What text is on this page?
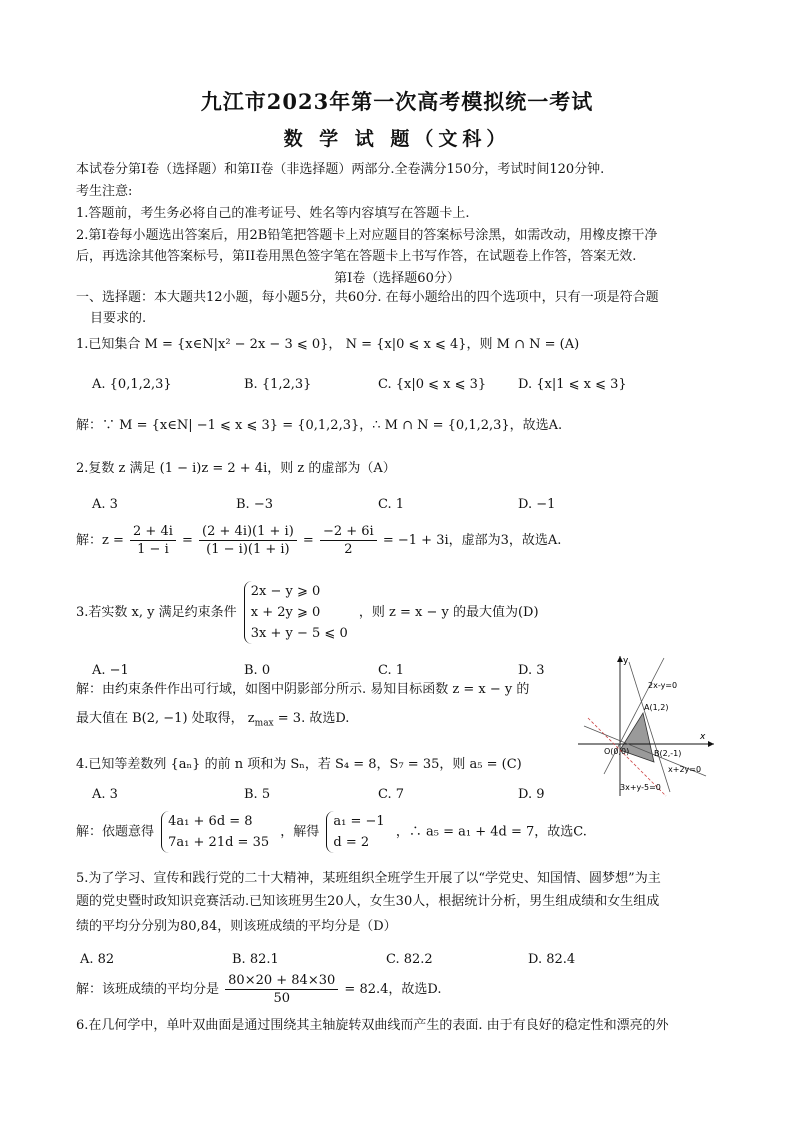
九江市2023年第一次高考模拟统一考试
数 学 试 题（文科）
本试卷分第Ⅰ卷（选择题）和第II卷（非选择题）两部分.全卷满分150分，考试时间120分钟.
考生注意:
1.答题前，考生务必将自己的准考证号、姓名等内容填写在答题卡上.
2.第Ⅰ卷每小题选出答案后，用2B铅笔把答题卡上对应题目的答案标号涂黑，如需改动，用橡皮擦干净
后，再选涂其他答案标号，第II卷用黑色签字笔在答题卡上书写作答，在试题卷上作答，答案无效.
第Ⅰ卷（选择题60分）
一、选择题：本大题共12小题，每小题5分，共60分. 在每小题给出的四个选项中，只有一项是符合题
目要求的.
1.已知集合 M = {x∈N|x² − 2x − 3 ⩽ 0}， N = {x|0 ⩽ x ⩽ 4}，则 M ∩ N = (A)
A. {0,1,2,3}	B. {1,2,3}	C. {x|0 ⩽ x ⩽ 3} D. {x|1 ⩽ x ⩽ 3}
解：∵ M = {x∈N| −1 ⩽ x ⩽ 3} = {0,1,2,3}，∴ M ∩ N = {0,1,2,3}，故选A.
2.复数 z 满足 (1 − i)z = 2 + 4i，则 z 的虚部为（A）
A. 3	B. −3	C. 1	D. −1
解：$z = \frac{2 + 4i}{1 - i} = \frac{(2 + 4i)(1 + i)}{(1 - i)(1 + i)} = \frac{-2 + 6i}{2} = -1 + 3i$，虚部为3，故选A.
3.若实数 x, y 满足约束条件
2x − y ⩾ 0
x + 2y ⩾ 0
3x + y − 5 ⩽ 0
，则 z = x − y 的最大值为(D)
A. −1	B. 0	C. 1	D. 3
解：由约束条件作出可行域，如图中阴影部分所示. 易知目标函数 z = x − y 的
最大值在 B(2, −1) 处取得， $z_{max} = 3$. 故选D.
y
x
2x-y=0
A(1,2)
O(0,0)	B(2,-1)
x+2y=0
3x+y-5=0
4.已知等差数列 {aₙ} 的前 n 项和为 Sₙ，若 S₄ = 8，S₇ = 35，则 a₅ = (C)
A. 3	B. 5	C. 7	D. 9
解：依题意得
4a₁ + 6d = 8
7a₁ + 21d = 35
，解得
a₁ = −1
d = 2
，∴ a₅ = a₁ + 4d = 7，故选C.
5.为了学习、宣传和践行党的二十大精神，某班组织全班学生开展了以“学党史、知国情、圆梦想”为主
题的党史暨时政知识竞赛活动.已知该班男生20人，女生30人，根据统计分析，男生组成绩和女生组成
绩的平均分分别为80,84，则该班成绩的平均分是（D）
A. 82	B. 82.1	C. 82.2	D. 82.4
解：该班成绩的平均分是 $\frac{80\times 20 + 84\times 30}{50} = 82.4$，故选D.
6.在几何学中，单叶双曲面是通过围绕其主轴旋转双曲线而产生的表面. 由于有良好的稳定性和漂亮的外
